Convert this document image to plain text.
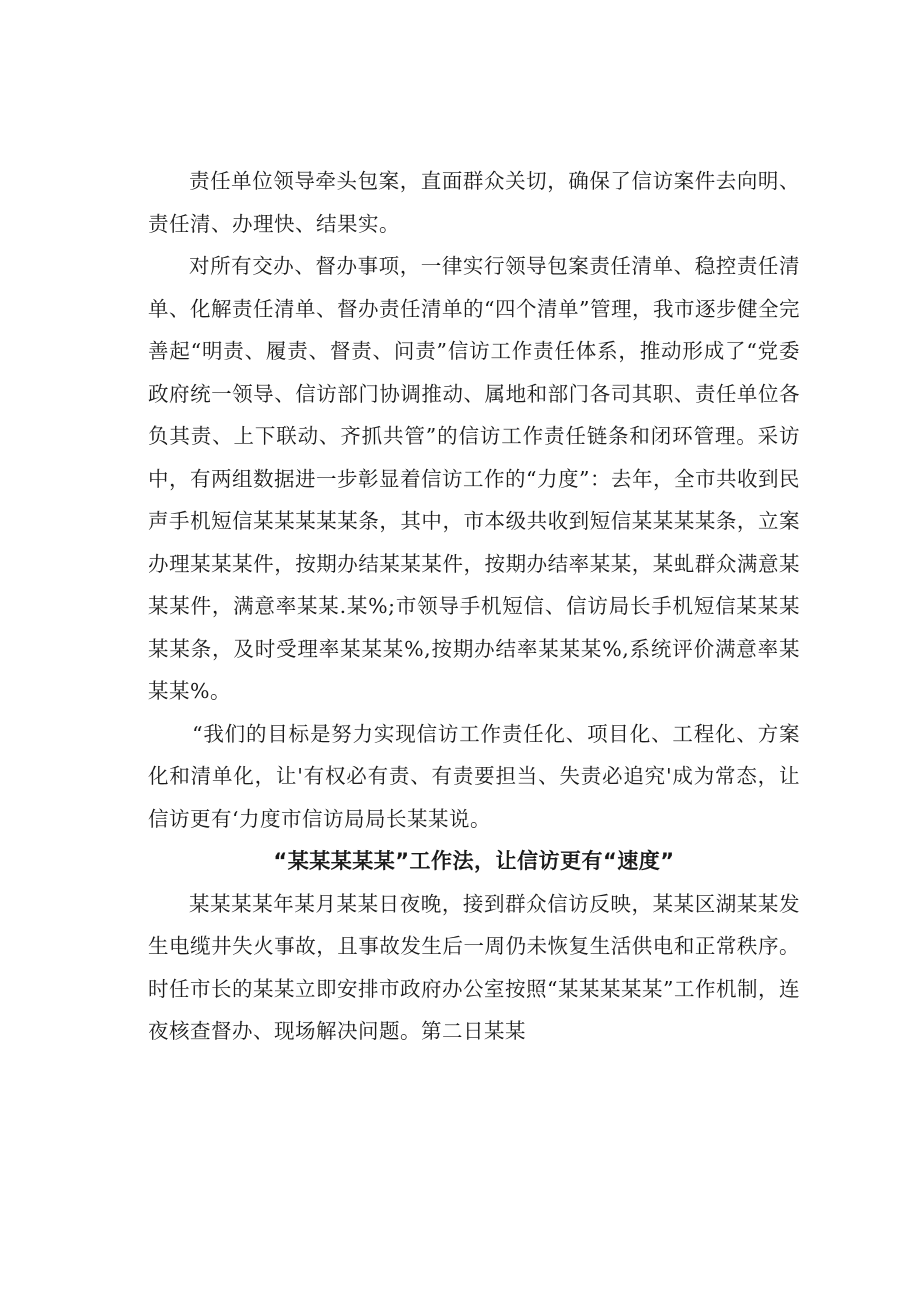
责任单位领导牵头包案，直面群众关切，确保了信访案件去向明、责任清、办理快、结果实。

对所有交办、督办事项，一律实行领导包案责任清单、稳控责任清单、化解责任清单、督办责任清单的“四个清单”管理，我市逐步健全完善起“明责、履责、督责、问责”信访工作责任体系，推动形成了“党委政府统一领导、信访部门协调推动、属地和部门各司其职、责任单位各负其责、上下联动、齐抓共管”的信访工作责任链条和闭环管理。采访中，有两组数据进一步彰显着信访工作的“力度”：去年，全市共收到民声手机短信某某某某某条，其中，市本级共收到短信某某某某条，立案办理某某某件，按期办结某某某件，按期办结率某某，某虬群众满意某某某件，满意率某某.某%;市领导手机短信、信访局长手机短信某某某某某条，及时受理率某某某%,按期办结率某某某%,系统评价满意率某某某%。

“我们的目标是努力实现信访工作责任化、项目化、工程化、方案化和清单化，让'有权必有责、有责要担当、失责必追究'成为常态，让信访更有‘力度市信访局局长某某说。

“某某某某某”工作法，让信访更有“速度”

某某某某年某月某某日夜晚，接到群众信访反映，某某区湖某某发生电缆井失火事故，且事故发生后一周仍未恢复生活供电和正常秩序。时任市长的某某立即安排市政府办公室按照“某某某某某”工作机制，连夜核查督办、现场解决问题。第二日某某
